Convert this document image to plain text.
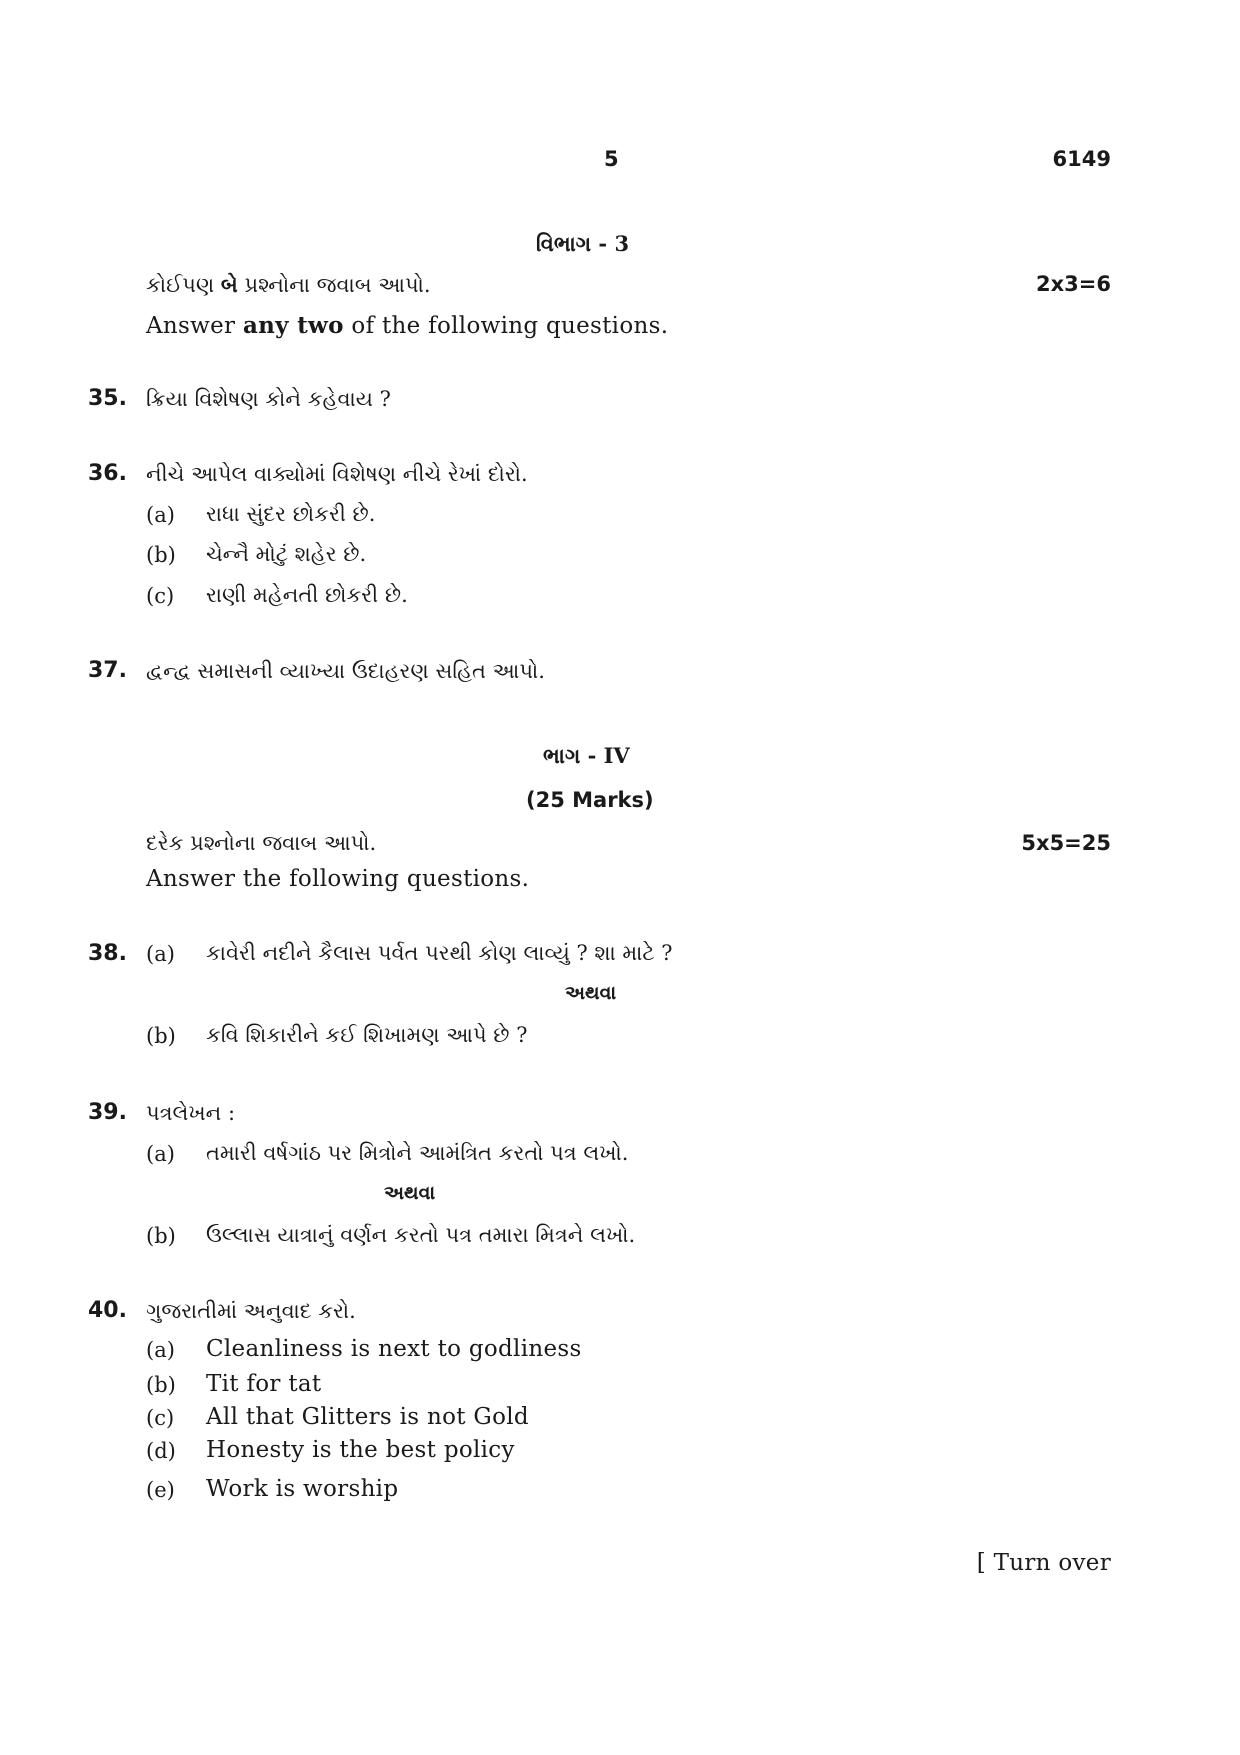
5	6149
વિભાગ - 3
કોઈપણ બે પ્રશ્નોના જવાબ આપો.	2x3=6
Answer any two of the following questions.
35. ક્રિયા વિશેષણ કોને કહેવાય ?
36. નીચે આપેલ વાક્યોમાં વિશેષણ નીચે રેખાં દોરો.
(a) રાધા સુંદર છોકરી છે.
(b) ચેન્નૈ મોટું શહેર છે.
(c) રાણી મહેનતી છોકરી છે.
37. દ્વન્દ્વ સમાસની વ્યાખ્યા ઉદાહરણ સહિત આપો.
ભાગ - IV
(25 Marks)
દરેક પ્રશ્નોના જવાબ આપો.	5x5=25
Answer the following questions.
38. (a) કાવેરી નદીને કૈલાસ પર્વત પરથી કોણ લાવ્યું ? શા માટે ?
અથવા
(b) કવિ શિકારીને કઈ શિખામણ આપે છે ?
39. પત્રલેખન :
(a) તમારી વર્ષગાંઠ પર મિત્રોને આમંત્રિત કરતો પત્ર લખો.
અથવા
(b) ઉલ્લાસ યાત્રાનું વર્ણન કરતો પત્ર તમારા મિત્રને લખો.
40. ગુજરાતીમાં અનુવાદ કરો.
(a) Cleanliness is next to godliness
(b) Tit for tat
(c) All that Glitters is not Gold
(d) Honesty is the best policy
(e) Work is worship
[ Turn over
